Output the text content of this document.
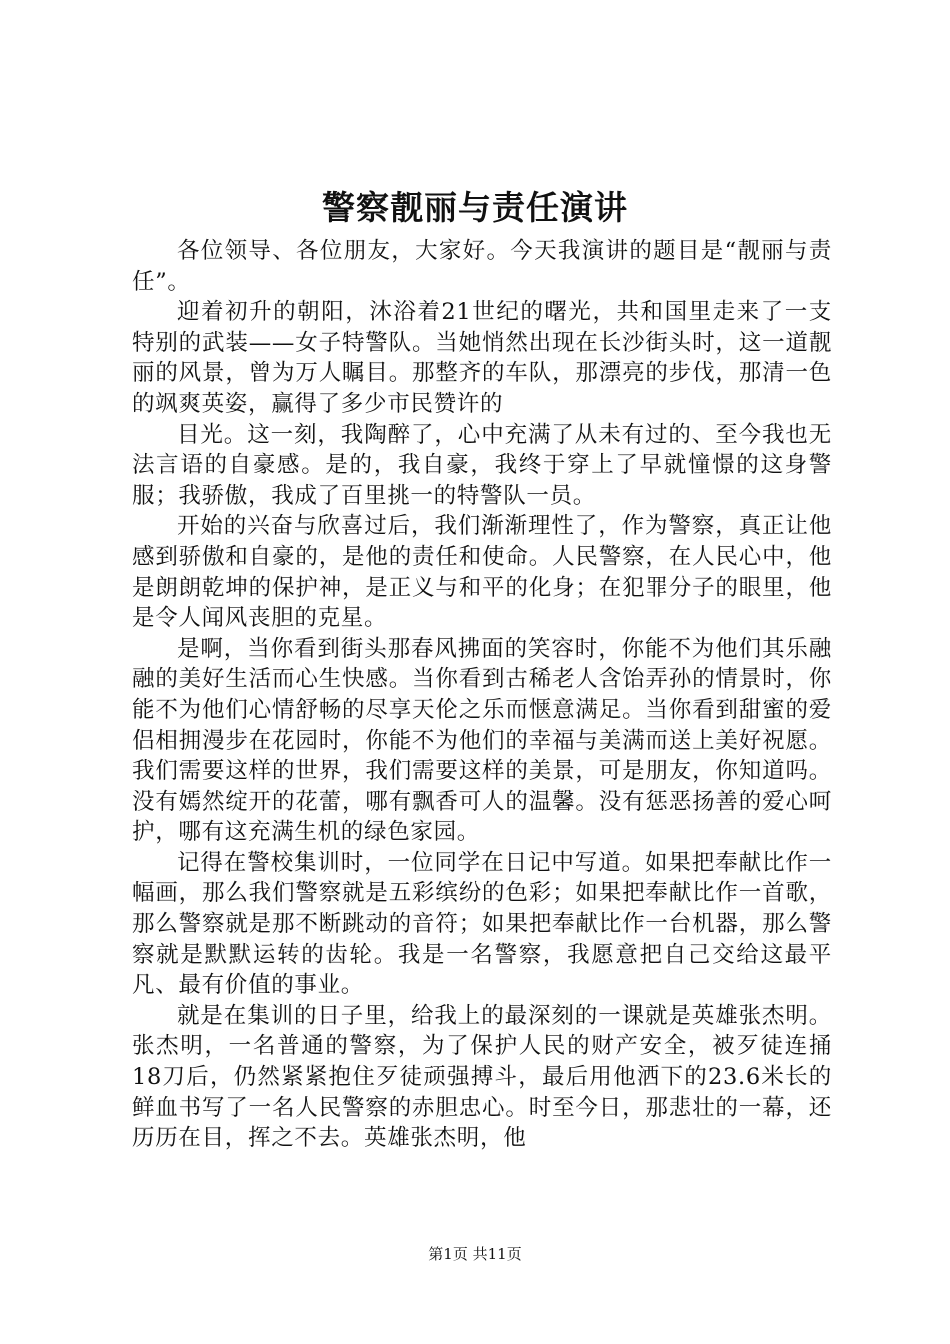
警察靓丽与责任演讲

各位领导、各位朋友，大家好。今天我演讲的题目是“靓丽与责任”。

迎着初升的朝阳，沐浴着21世纪的曙光，共和国里走来了一支特别的武装——女子特警队。当她悄然出现在长沙街头时，这一道靓丽的风景，曾为万人瞩目。那整齐的车队，那漂亮的步伐，那清一色的飒爽英姿，赢得了多少市民赞许的

目光。这一刻，我陶醉了，心中充满了从未有过的、至今我也无法言语的自豪感。是的，我自豪，我终于穿上了早就憧憬的这身警服；我骄傲，我成了百里挑一的特警队一员。

开始的兴奋与欣喜过后，我们渐渐理性了，作为警察，真正让他感到骄傲和自豪的，是他的责任和使命。人民警察，在人民心中，他是朗朗乾坤的保护神，是正义与和平的化身；在犯罪分子的眼里，他是令人闻风丧胆的克星。

是啊，当你看到街头那春风拂面的笑容时，你能不为他们其乐融融的美好生活而心生快感。当你看到古稀老人含饴弄孙的情景时，你能不为他们心情舒畅的尽享天伦之乐而惬意满足。当你看到甜蜜的爱侣相拥漫步在花园时，你能不为他们的幸福与美满而送上美好祝愿。我们需要这样的世界，我们需要这样的美景，可是朋友，你知道吗。没有嫣然绽开的花蕾，哪有飘香可人的温馨。没有惩恶扬善的爱心呵护，哪有这充满生机的绿色家园。

记得在警校集训时，一位同学在日记中写道。如果把奉献比作一幅画，那么我们警察就是五彩缤纷的色彩；如果把奉献比作一首歌，那么警察就是那不断跳动的音符；如果把奉献比作一台机器，那么警察就是默默运转的齿轮。我是一名警察，我愿意把自己交给这最平凡、最有价值的事业。

就是在集训的日子里，给我上的最深刻的一课就是英雄张杰明。张杰明，一名普通的警察，为了保护人民的财产安全，被歹徒连捅18刀后，仍然紧紧抱住歹徒顽强搏斗，最后用他洒下的23.6米长的鲜血书写了一名人民警察的赤胆忠心。时至今日，那悲壮的一幕，还历历在目，挥之不去。英雄张杰明，他

第1页 共11页
